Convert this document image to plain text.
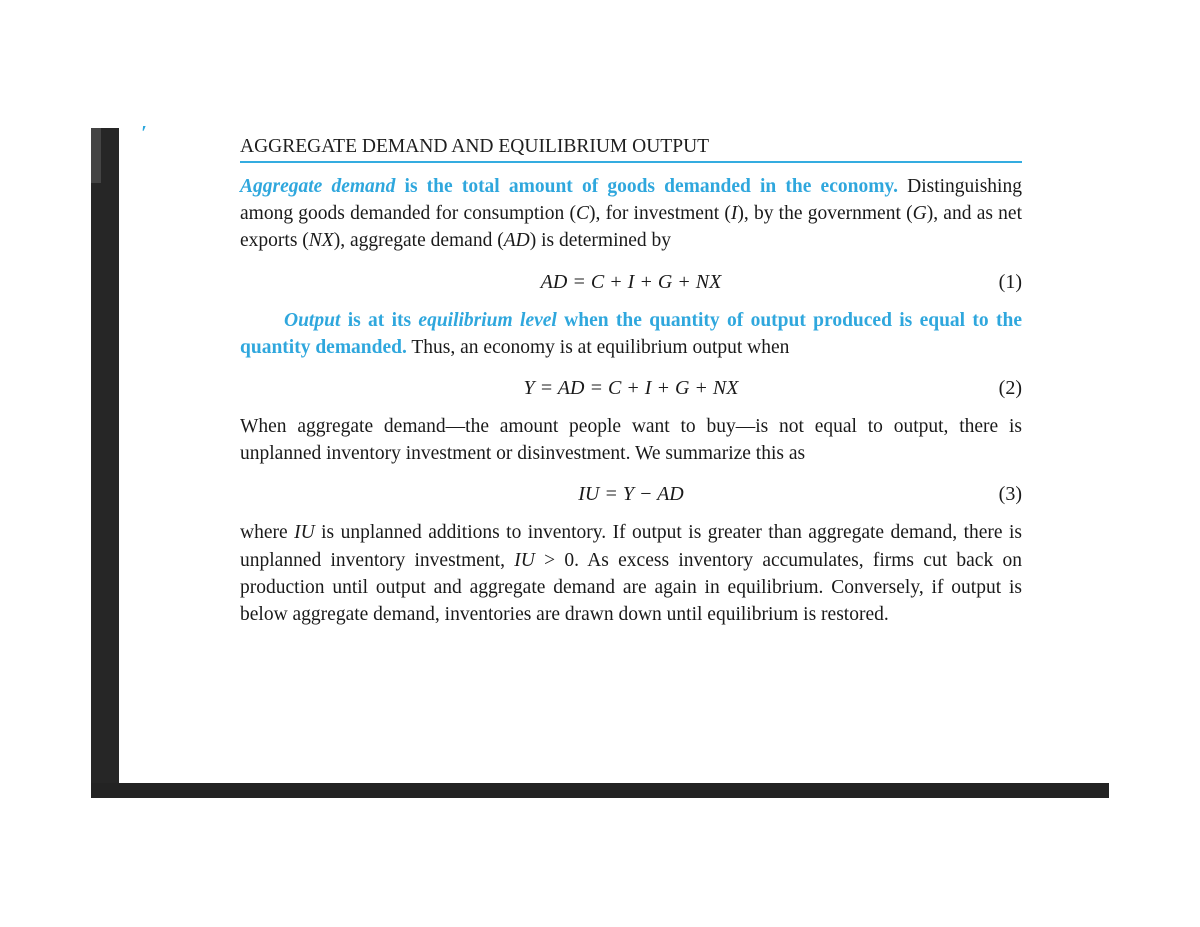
′
AGGREGATE DEMAND AND EQUILIBRIUM OUTPUT

Aggregate demand is the total amount of goods demanded in the economy. Distinguishing among goods demanded for consumption (C), for investment (I), by the government (G), and as net exports (NX), aggregate demand (AD) is determined by

AD = C + I + G + NX	(1)

Output is at its equilibrium level when the quantity of output produced is equal to the quantity demanded. Thus, an economy is at equilibrium output when

Y = AD = C + I + G + NX	(2)

When aggregate demand—the amount people want to buy—is not equal to output, there is unplanned inventory investment or disinvestment. We summarize this as

IU = Y − AD	(3)

where IU is unplanned additions to inventory. If output is greater than aggregate demand, there is unplanned inventory investment, IU > 0. As excess inventory accumulates, firms cut back on production until output and aggregate demand are again in equilibrium. Conversely, if output is below aggregate demand, inventories are drawn down until equilibrium is restored.
